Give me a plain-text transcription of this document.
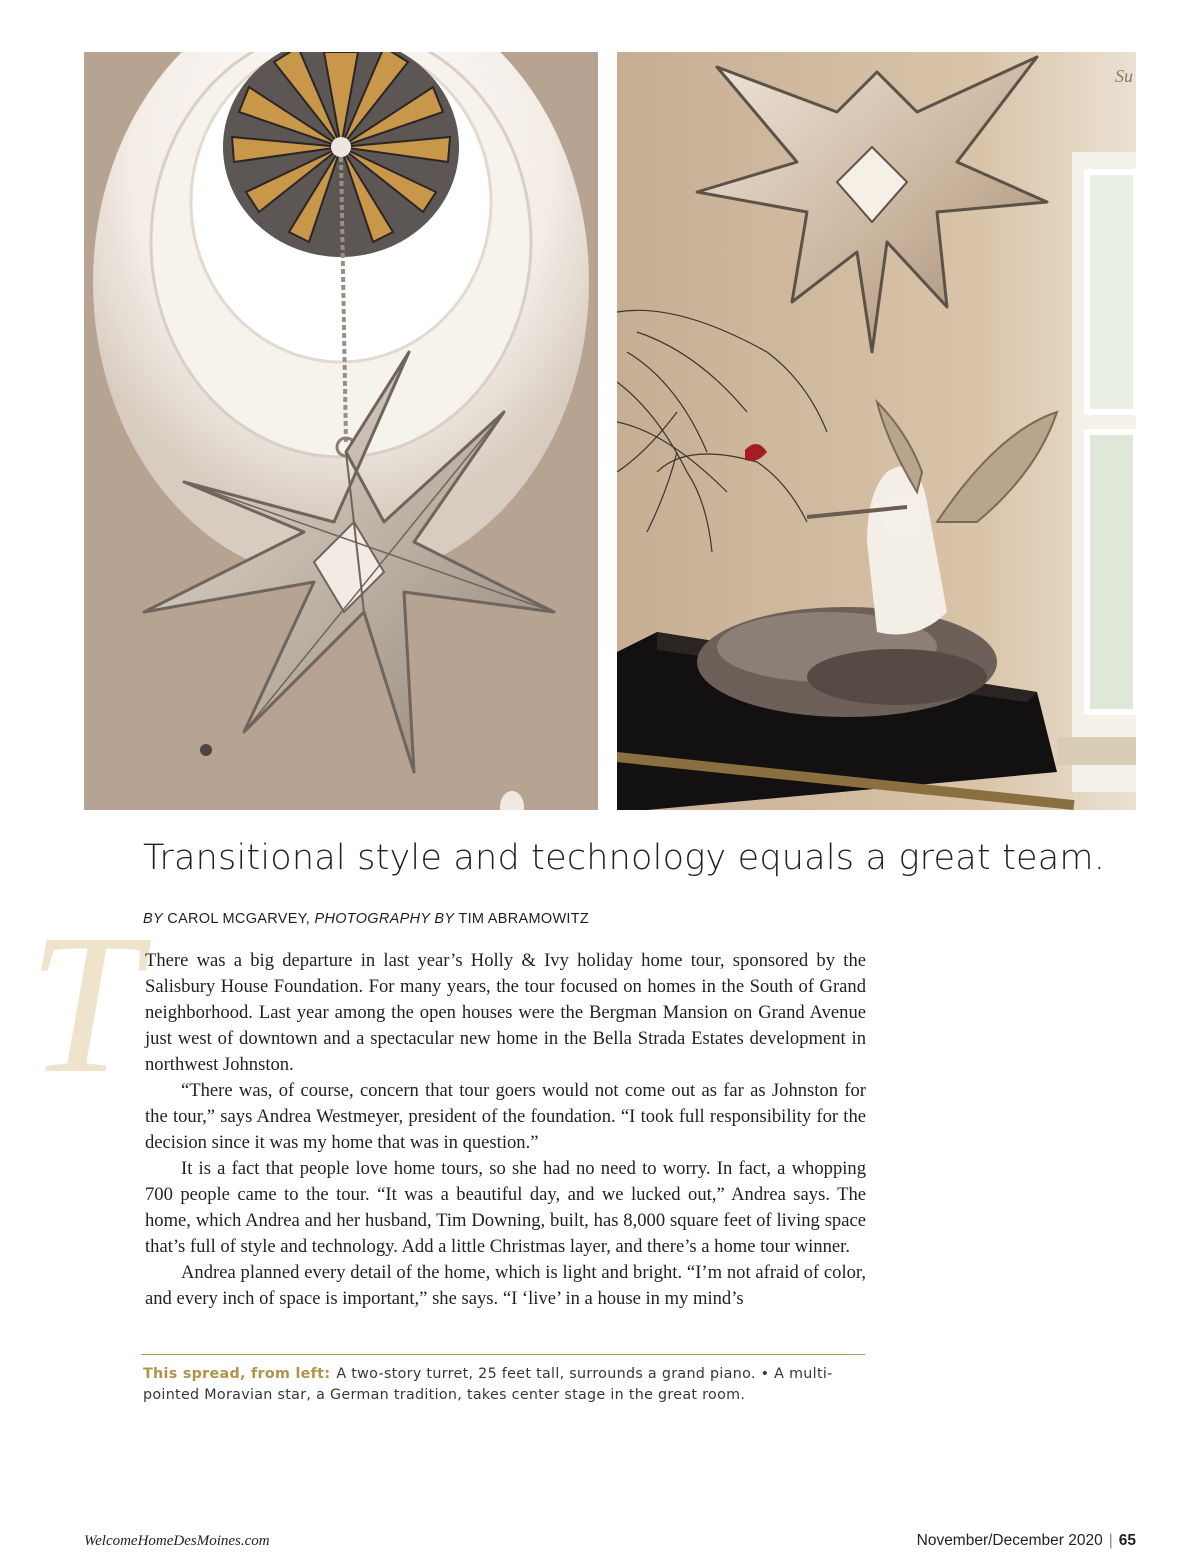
Su
Transitional style and technology equals a great team.
BY CAROL MCGARVEY, PHOTOGRAPHY BY TIM ABRAMOWITZ
T There was a big departure in last year’s Holly & Ivy holiday home tour, sponsored by the Salisbury House Foundation. For many years, the tour focused on homes in the South of Grand neighborhood. Last year among the open houses were the Bergman Mansion on Grand Avenue just west of downtown and a spectacular new home in the Bella Strada Estates development in northwest Johnston.

“There was, of course, concern that tour goers would not come out as far as Johnston for the tour,” says Andrea Westmeyer, president of the foundation. “I took full responsibility for the decision since it was my home that was in question.”

It is a fact that people love home tours, so she had no need to worry. In fact, a whopping 700 people came to the tour. “It was a beautiful day, and we lucked out,” Andrea says. The home, which Andrea and her husband, Tim Downing, built, has 8,000 square feet of living space that’s full of style and technology. Add a little Christmas layer, and there’s a home tour winner.

Andrea planned every detail of the home, which is light and bright. “I’m not afraid of color, and every inch of space is important,” she says. “I ‘live’ in a house in my mind’s

This spread, from left: A two-story turret, 25 feet tall, surrounds a grand piano. • A multi-pointed Moravian star, a German tradition, takes center stage in the great room.

WelcomeHomeDesMoines.com	November/December 2020 | 65
